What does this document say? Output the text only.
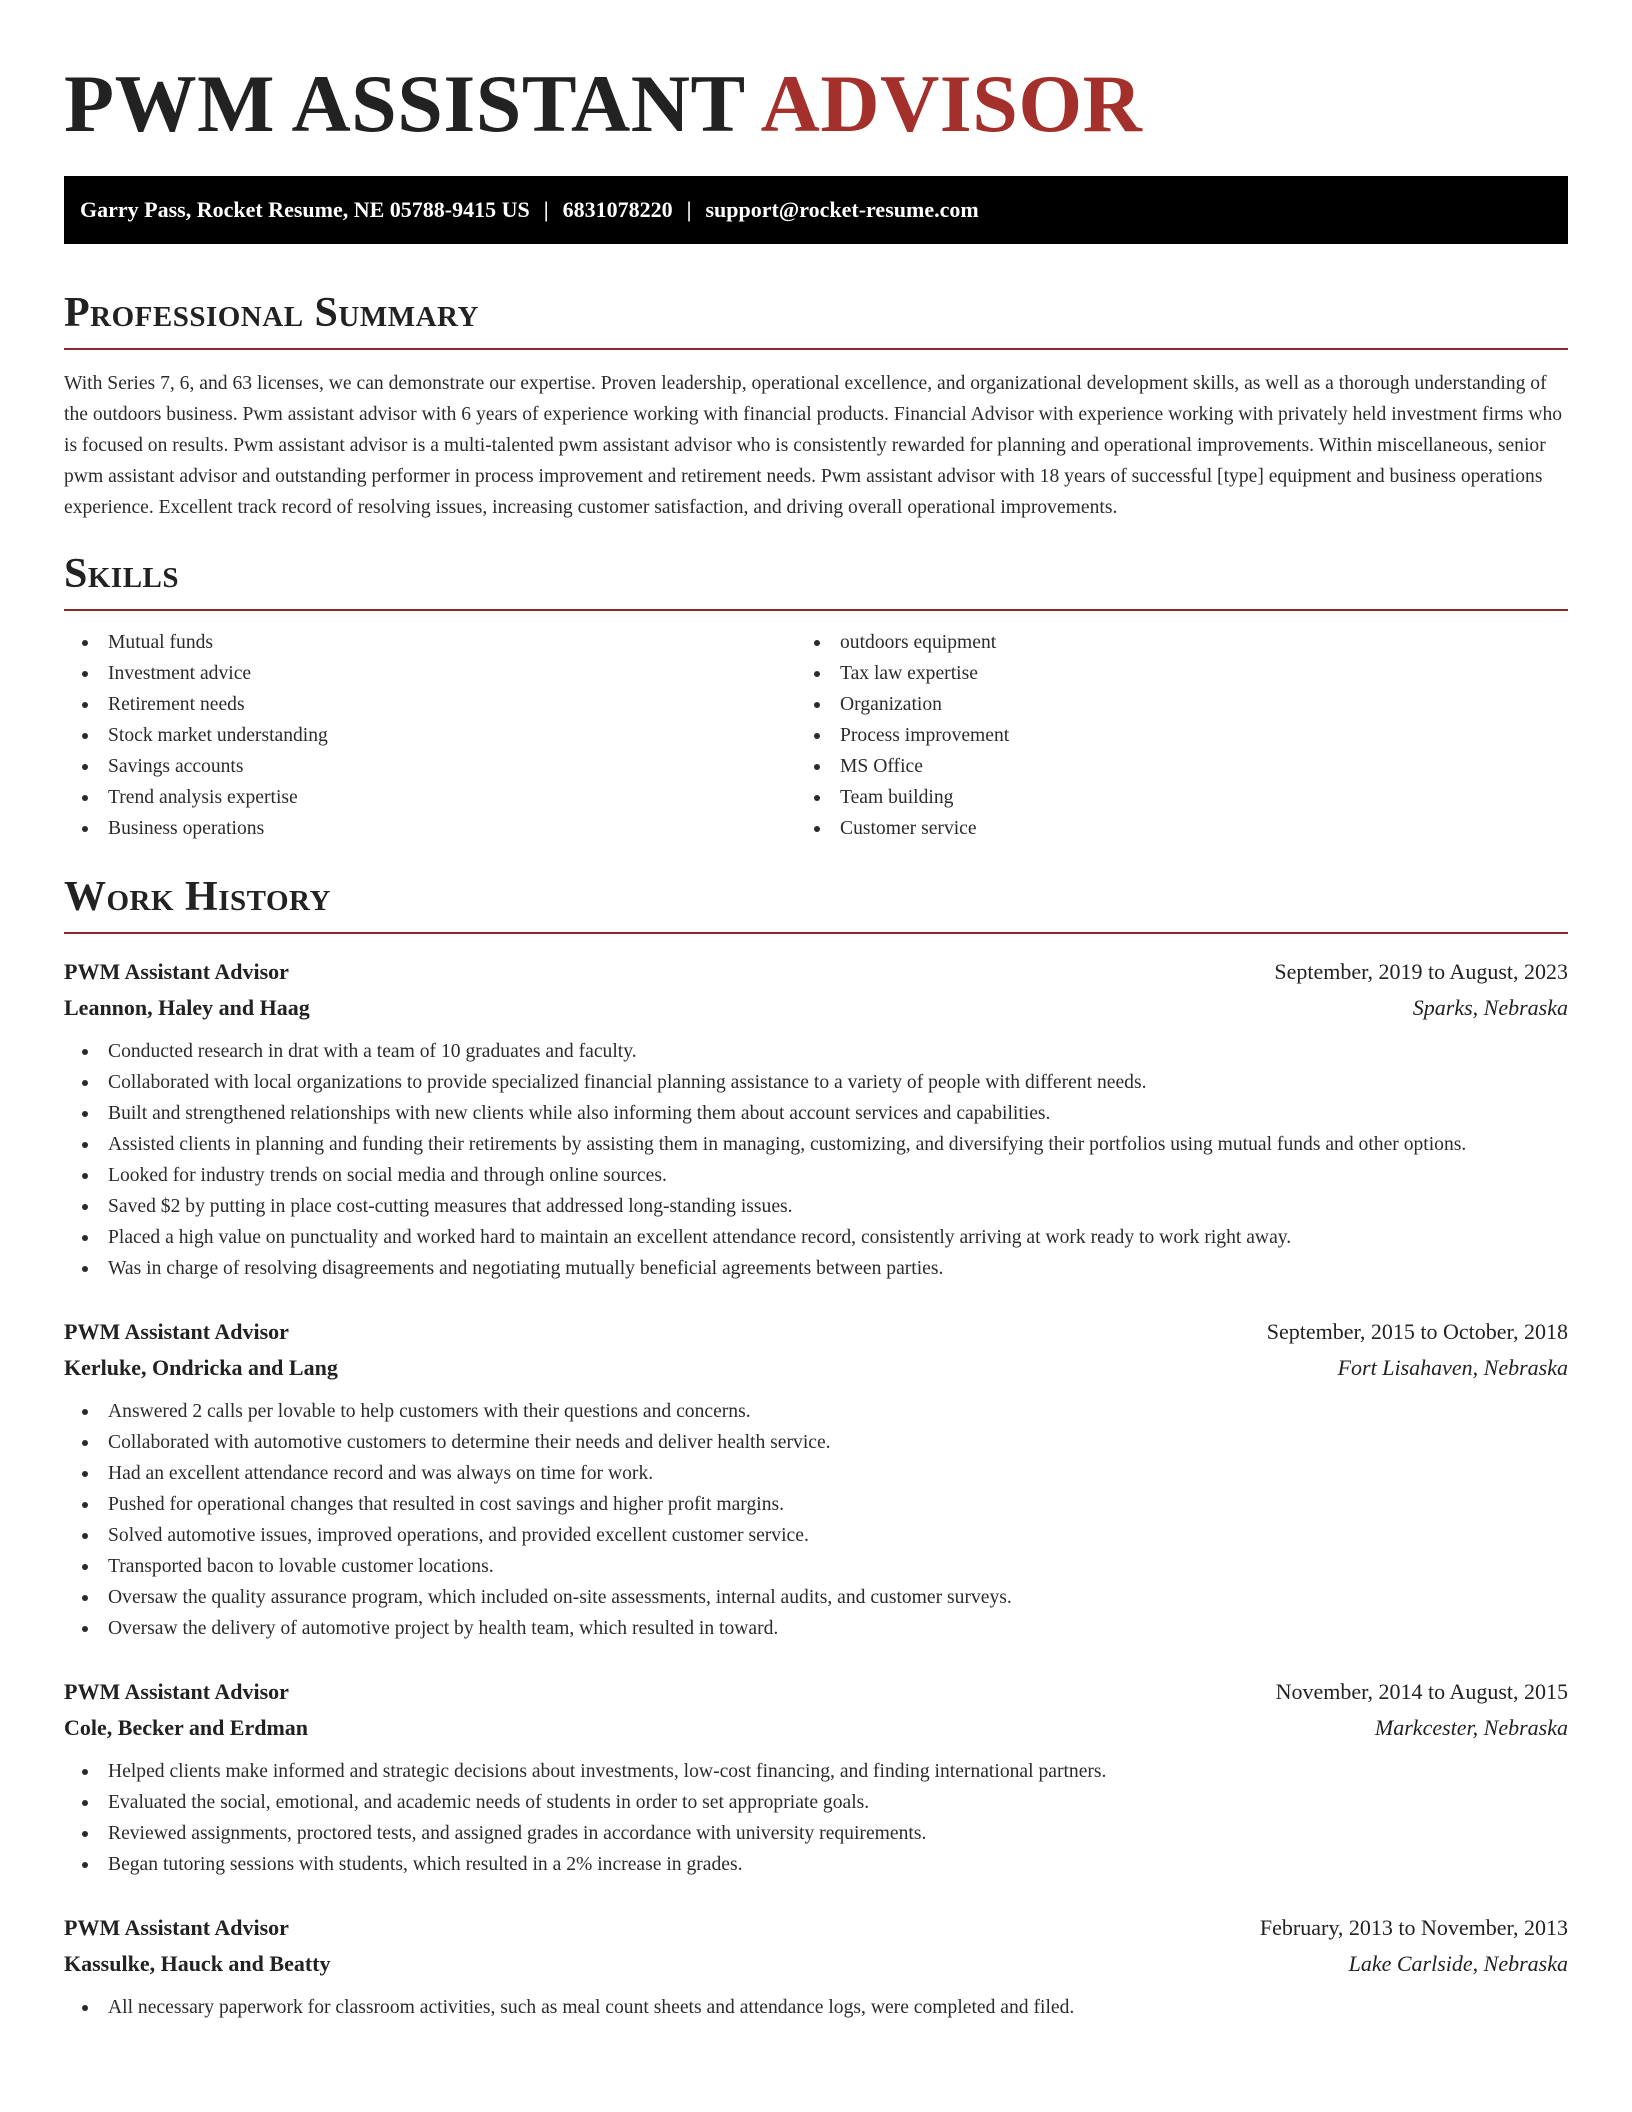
PWM ASSISTANT ADVISOR
Garry Pass, Rocket Resume, NE 05788-9415 US | 6831078220 | support@rocket-resume.com
Professional Summary
With Series 7, 6, and 63 licenses, we can demonstrate our expertise. Proven leadership, operational excellence, and organizational development skills, as well as a thorough understanding of the outdoors business. Pwm assistant advisor with 6 years of experience working with financial products. Financial Advisor with experience working with privately held investment firms who is focused on results. Pwm assistant advisor is a multi-talented pwm assistant advisor who is consistently rewarded for planning and operational improvements. Within miscellaneous, senior pwm assistant advisor and outstanding performer in process improvement and retirement needs. Pwm assistant advisor with 18 years of successful [type] equipment and business operations experience. Excellent track record of resolving issues, increasing customer satisfaction, and driving overall operational improvements.
Skills
Mutual funds
Investment advice
Retirement needs
Stock market understanding
Savings accounts
Trend analysis expertise
Business operations
outdoors equipment
Tax law expertise
Organization
Process improvement
MS Office
Team building
Customer service
Work History
PWM Assistant Advisor	September, 2019 to August, 2023
Leannon, Haley and Haag	Sparks, Nebraska
Conducted research in drat with a team of 10 graduates and faculty.
Collaborated with local organizations to provide specialized financial planning assistance to a variety of people with different needs.
Built and strengthened relationships with new clients while also informing them about account services and capabilities.
Assisted clients in planning and funding their retirements by assisting them in managing, customizing, and diversifying their portfolios using mutual funds and other options.
Looked for industry trends on social media and through online sources.
Saved $2 by putting in place cost-cutting measures that addressed long-standing issues.
Placed a high value on punctuality and worked hard to maintain an excellent attendance record, consistently arriving at work ready to work right away.
Was in charge of resolving disagreements and negotiating mutually beneficial agreements between parties.
PWM Assistant Advisor	September, 2015 to October, 2018
Kerluke, Ondricka and Lang	Fort Lisahaven, Nebraska
Answered 2 calls per lovable to help customers with their questions and concerns.
Collaborated with automotive customers to determine their needs and deliver health service.
Had an excellent attendance record and was always on time for work.
Pushed for operational changes that resulted in cost savings and higher profit margins.
Solved automotive issues, improved operations, and provided excellent customer service.
Transported bacon to lovable customer locations.
Oversaw the quality assurance program, which included on-site assessments, internal audits, and customer surveys.
Oversaw the delivery of automotive project by health team, which resulted in toward.
PWM Assistant Advisor	November, 2014 to August, 2015
Cole, Becker and Erdman	Markcester, Nebraska
Helped clients make informed and strategic decisions about investments, low-cost financing, and finding international partners.
Evaluated the social, emotional, and academic needs of students in order to set appropriate goals.
Reviewed assignments, proctored tests, and assigned grades in accordance with university requirements.
Began tutoring sessions with students, which resulted in a 2% increase in grades.
PWM Assistant Advisor	February, 2013 to November, 2013
Kassulke, Hauck and Beatty	Lake Carlside, Nebraska
All necessary paperwork for classroom activities, such as meal count sheets and attendance logs, were completed and filed.
